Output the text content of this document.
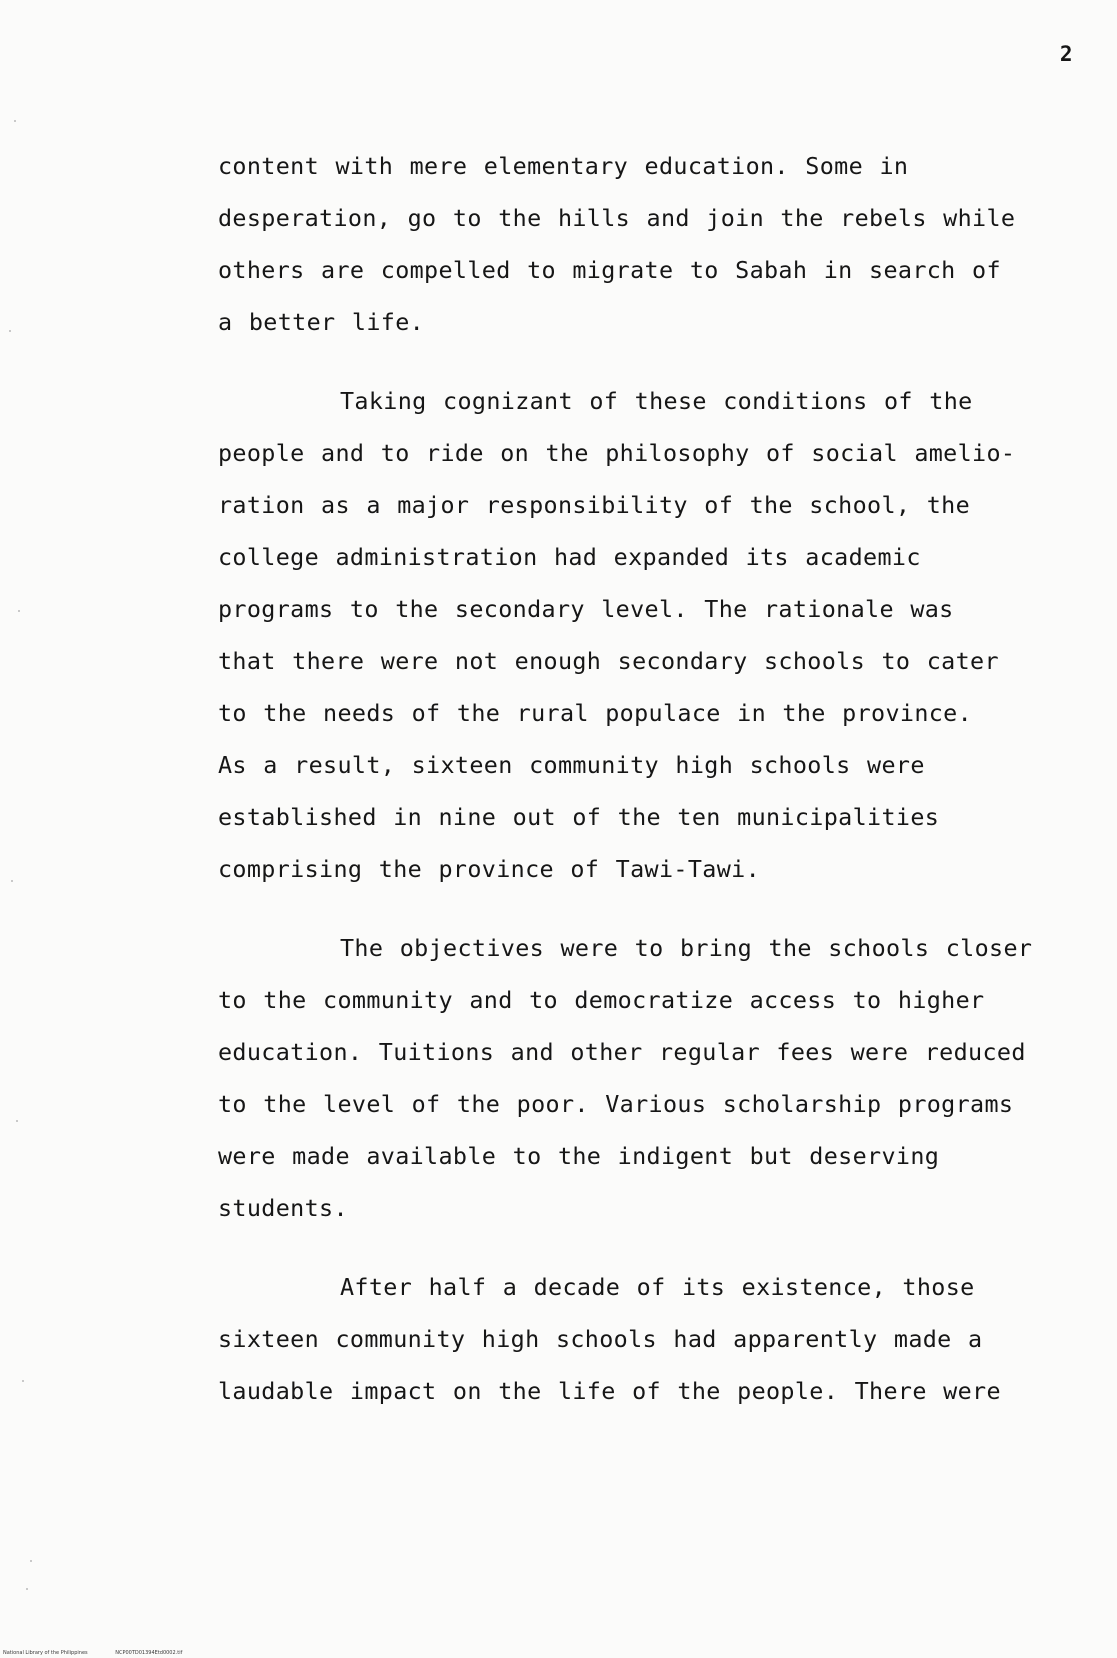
2
content with mere elementary education. Some in
desperation, go to the hills and join the rebels while
others are compelled to migrate to Sabah in search of
a better life.
Taking cognizant of these conditions of the
people and to ride on the philosophy of social amelio-
ration as a major responsibility of the school, the
college administration had expanded its academic
programs to the secondary level. The rationale was
that there were not enough secondary schools to cater
to the needs of the rural populace in the province.
As a result, sixteen community high schools were
established in nine out of the ten municipalities
comprising the province of Tawi-Tawi.
The objectives were to bring the schools closer
to the community and to democratize access to higher
education. Tuitions and other regular fees were reduced
to the level of the poor. Various scholarship programs
were made available to the indigent but deserving
students.
After half a decade of its existence, those
sixteen community high schools had apparently made a
laudable impact on the life of the people. There were
National Library of the Philippines	NCP00TD01394Etd0002.tif
